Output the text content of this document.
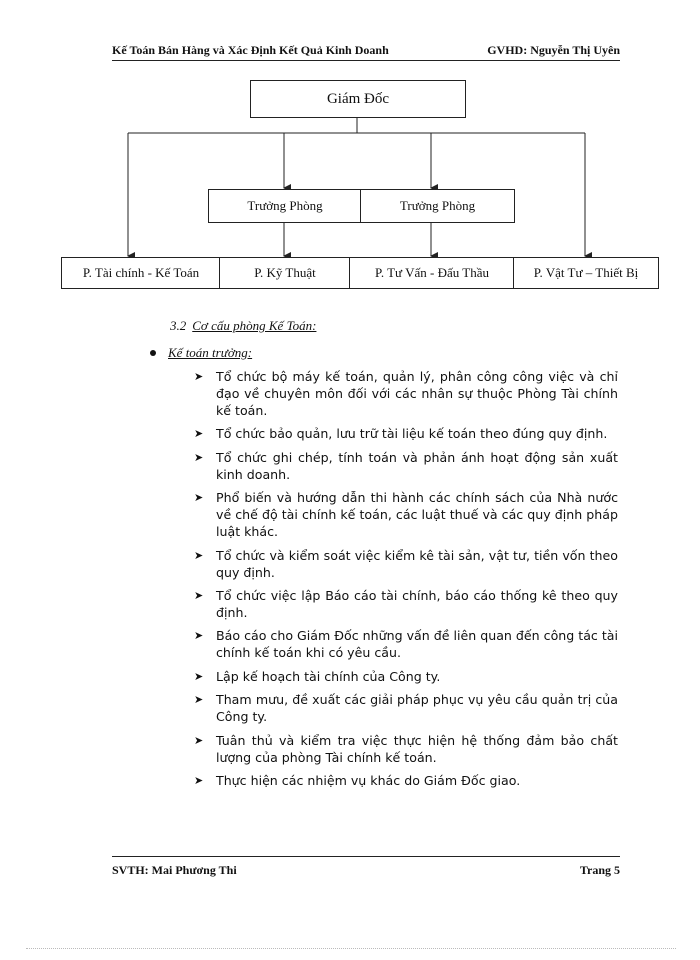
Kế Toán Bán Hàng và Xác Định Kết Quả Kinh Doanh	GVHD: Nguyễn Thị Uyên
Giám Đốc
Trưởng Phòng	Trưởng Phòng
P. Tài chính - Kế Toán	P. Kỹ Thuật	P. Tư Vấn - Đấu Thầu	P. Vật Tư – Thiết Bị
3.2 Cơ cấu phòng Kế Toán:
Kế toán trưởng:
➤ Tổ chức bộ máy kế toán, quản lý, phân công công việc và chỉ đạo về chuyên môn đối với các nhân sự thuộc Phòng Tài chính kế toán.
➤ Tổ chức bảo quản, lưu trữ tài liệu kế toán theo đúng quy định.
➤ Tổ chức ghi chép, tính toán và phản ánh hoạt động sản xuất kinh doanh.
➤ Phổ biến và hướng dẫn thi hành các chính sách của Nhà nước về chế độ tài chính kế toán, các luật thuế và các quy định pháp luật khác.
➤ Tổ chức và kiểm soát việc kiểm kê tài sản, vật tư, tiền vốn theo quy định.
➤ Tổ chức việc lập Báo cáo tài chính, báo cáo thống kê theo quy định.
➤ Báo cáo cho Giám Đốc những vấn đề liên quan đến công tác tài chính kế toán khi có yêu cầu.
➤ Lập kế hoạch tài chính của Công ty.
➤ Tham mưu, đề xuất các giải pháp phục vụ yêu cầu quản trị của Công ty.
➤ Tuân thủ và kiểm tra việc thực hiện hệ thống đảm bảo chất lượng của phòng Tài chính kế toán.
➤ Thực hiện các nhiệm vụ khác do Giám Đốc giao.
SVTH: Mai Phương Thi	Trang 5
